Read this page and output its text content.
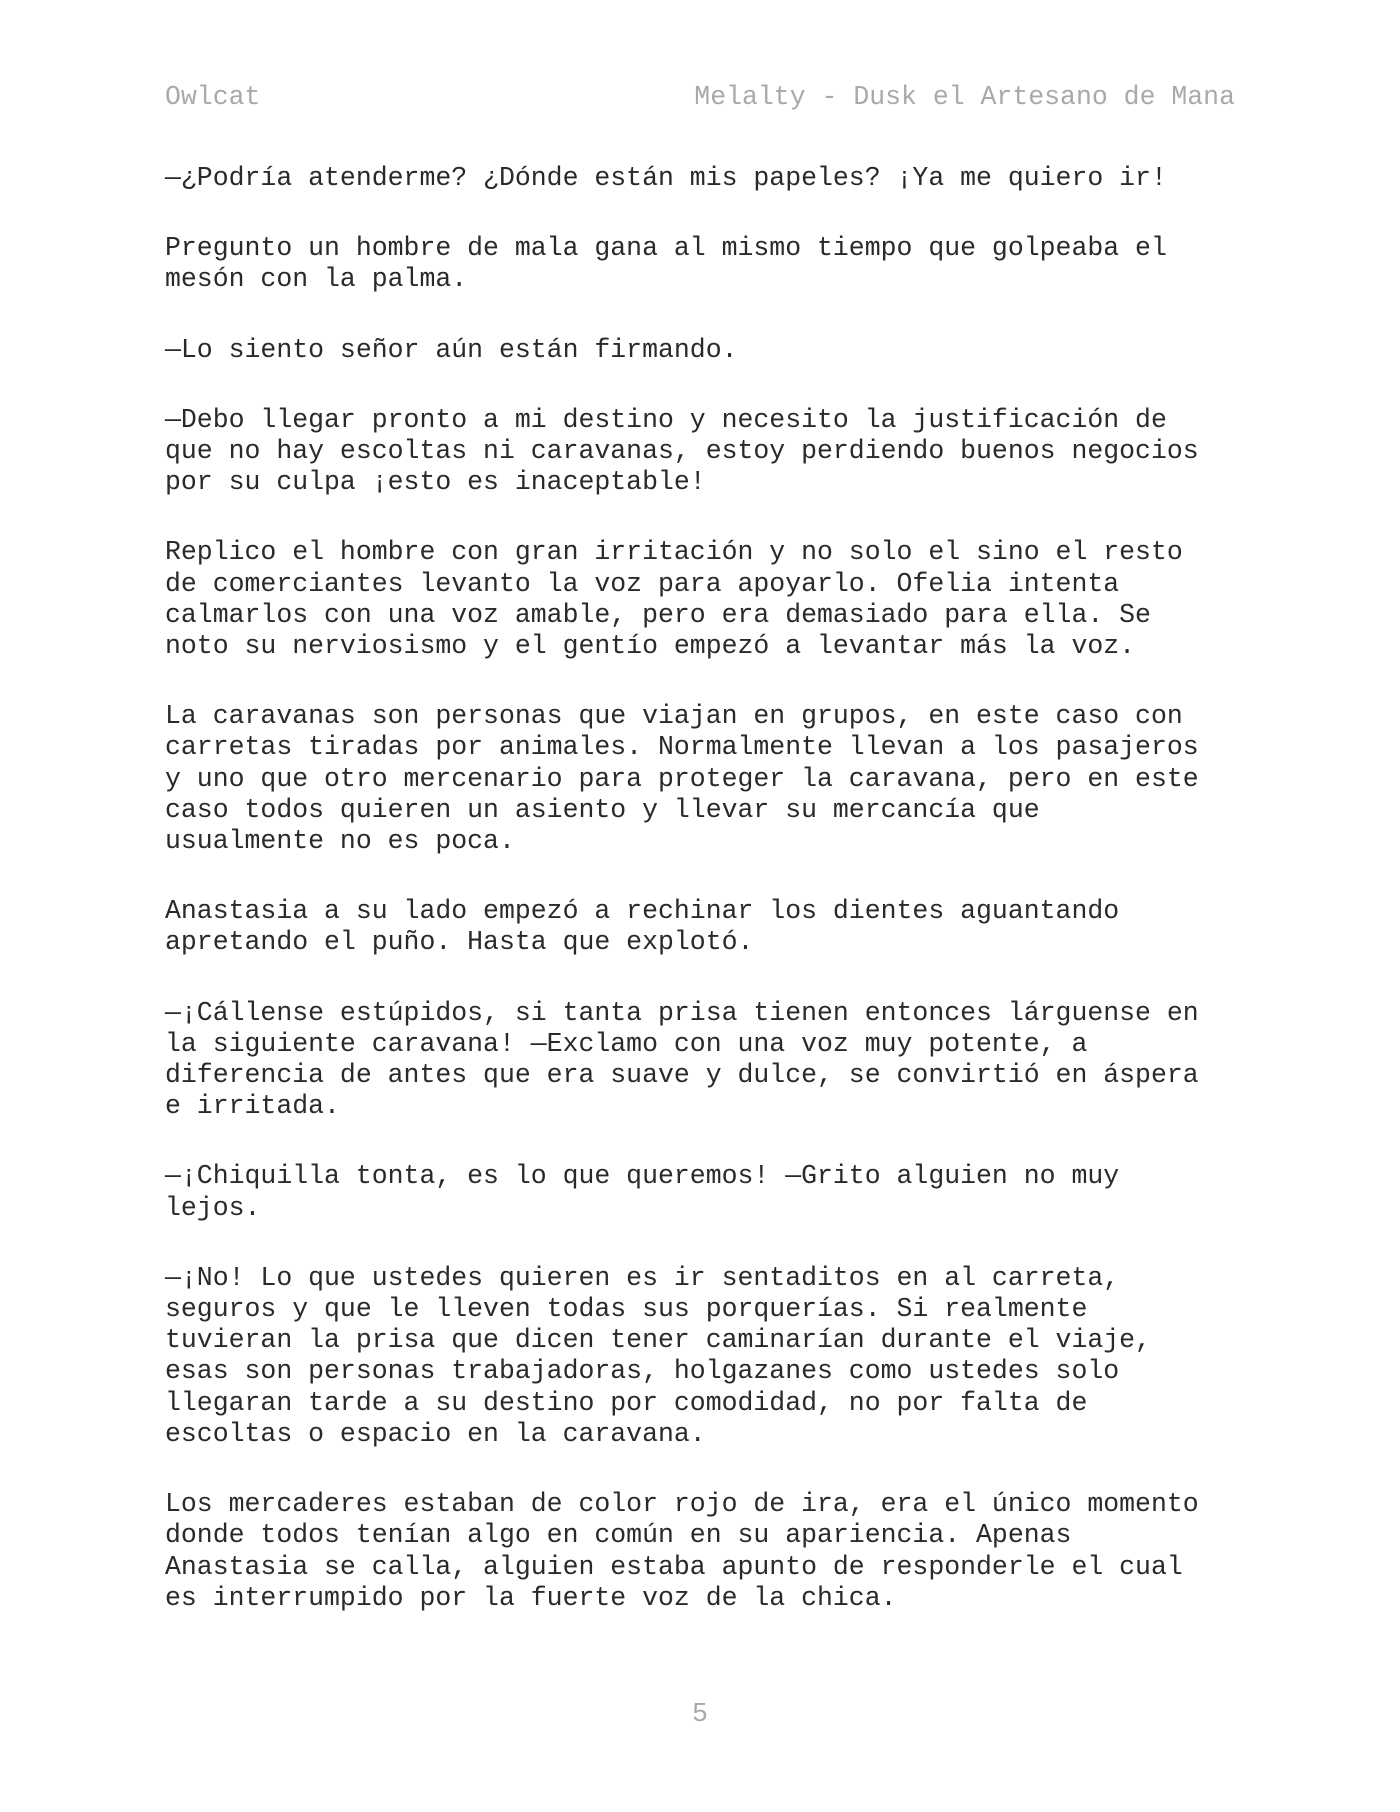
Owlcat	Melalty - Dusk el Artesano de Mana
—¿Podría atenderme? ¿Dónde están mis papeles? ¡Ya me quiero ir!
Pregunto un hombre de mala gana al mismo tiempo que golpeaba el
mesón con la palma.
—Lo siento señor aún están firmando.
—Debo llegar pronto a mi destino y necesito la justificación de
que no hay escoltas ni caravanas, estoy perdiendo buenos negocios
por su culpa ¡esto es inaceptable!
Replico el hombre con gran irritación y no solo el sino el resto
de comerciantes levanto la voz para apoyarlo. Ofelia intenta
calmarlos con una voz amable, pero era demasiado para ella. Se
noto su nerviosismo y el gentío empezó a levantar más la voz.
La caravanas son personas que viajan en grupos, en este caso con
carretas tiradas por animales. Normalmente llevan a los pasajeros
y uno que otro mercenario para proteger la caravana, pero en este
caso todos quieren un asiento y llevar su mercancía que
usualmente no es poca.
Anastasia a su lado empezó a rechinar los dientes aguantando
apretando el puño. Hasta que explotó.
—¡Cállense estúpidos, si tanta prisa tienen entonces lárguense en
la siguiente caravana! —Exclamo con una voz muy potente, a
diferencia de antes que era suave y dulce, se convirtió en áspera
e irritada.
—¡Chiquilla tonta, es lo que queremos! —Grito alguien no muy
lejos.
—¡No! Lo que ustedes quieren es ir sentaditos en al carreta,
seguros y que le lleven todas sus porquerías. Si realmente
tuvieran la prisa que dicen tener caminarían durante el viaje,
esas son personas trabajadoras, holgazanes como ustedes solo
llegaran tarde a su destino por comodidad, no por falta de
escoltas o espacio en la caravana.
Los mercaderes estaban de color rojo de ira, era el único momento
donde todos tenían algo en común en su apariencia. Apenas
Anastasia se calla, alguien estaba apunto de responderle el cual
es interrumpido por la fuerte voz de la chica.
5
